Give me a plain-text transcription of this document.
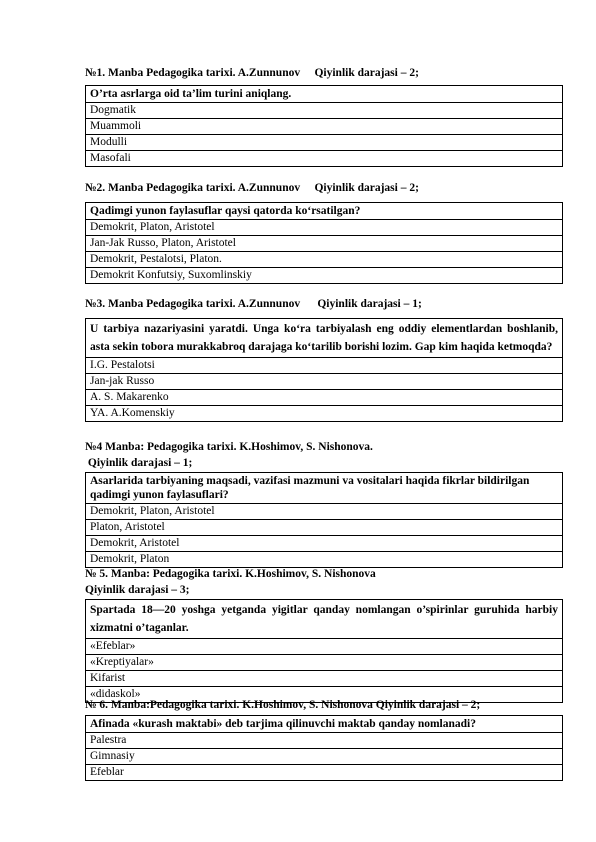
№1. Manba Pedagogika tarixi. A.Zunnunov     Qiyinlik darajasi – 2;
O’rta asrlarga oid ta’lim turini aniqlang.
Dogmatik
Muammoli
Modulli
Masofali
№2. Manba Pedagogika tarixi. A.Zunnunov     Qiyinlik darajasi – 2;
Qadimgi yunon faylasuflar qaysi qatorda ko‘rsatilgan?
Demokrit, Platon, Aristotel
Jan-Jak Russo, Platon, Aristotel
Demokrit, Pestalotsi, Platon.
Demokrit Konfutsiy, Suxomlinskiy
№3. Manba Pedagogika tarixi. A.Zunnunov      Qiyinlik darajasi – 1;
U tarbiya nazariyasini yaratdi. Unga ko‘ra tarbiyalash eng oddiy elementlardan boshlanib, asta sekin tobora murakkabroq darajaga ko‘tarilib borishi lozim. Gap kim haqida ketmoqda?
I.G. Pestalotsi
Jan-jak Russo
A. S. Makarenko
YA. A.Komenskiy
№4 Manba: Pedagogika tarixi. K.Hoshimov, S. Nishonova.
Qiyinlik darajasi – 1;
Asarlarida tarbiyaning maqsadi, vazifasi mazmuni va vositalari haqida fikrlar bildirilgan qadimgi yunon faylasuflari?
Demokrit, Platon, Aristotel
Platon, Aristotel
Demokrit, Aristotel
Demokrit, Platon
№ 5. Manba: Pedagogika tarixi. K.Hoshimov, S. Nishonova
Qiyinlik darajasi – 3;
Spartada 18—20 yoshga yetganda yigitlar qanday nomlangan o’spirinlar guruhida harbiy xizmatni o’taganlar.
«Efeblar»
«Kreptiyalar»
Kifarist
«didaskol»
№ 6. Manba:Pedagogika tarixi. K.Hoshimov, S. Nishonova Qiyinlik darajasi – 2;
Afinada «kurash maktabi» deb tarjima qilinuvchi maktab qanday nomlanadi?
Palestra
Gimnasiy
Efeblar
